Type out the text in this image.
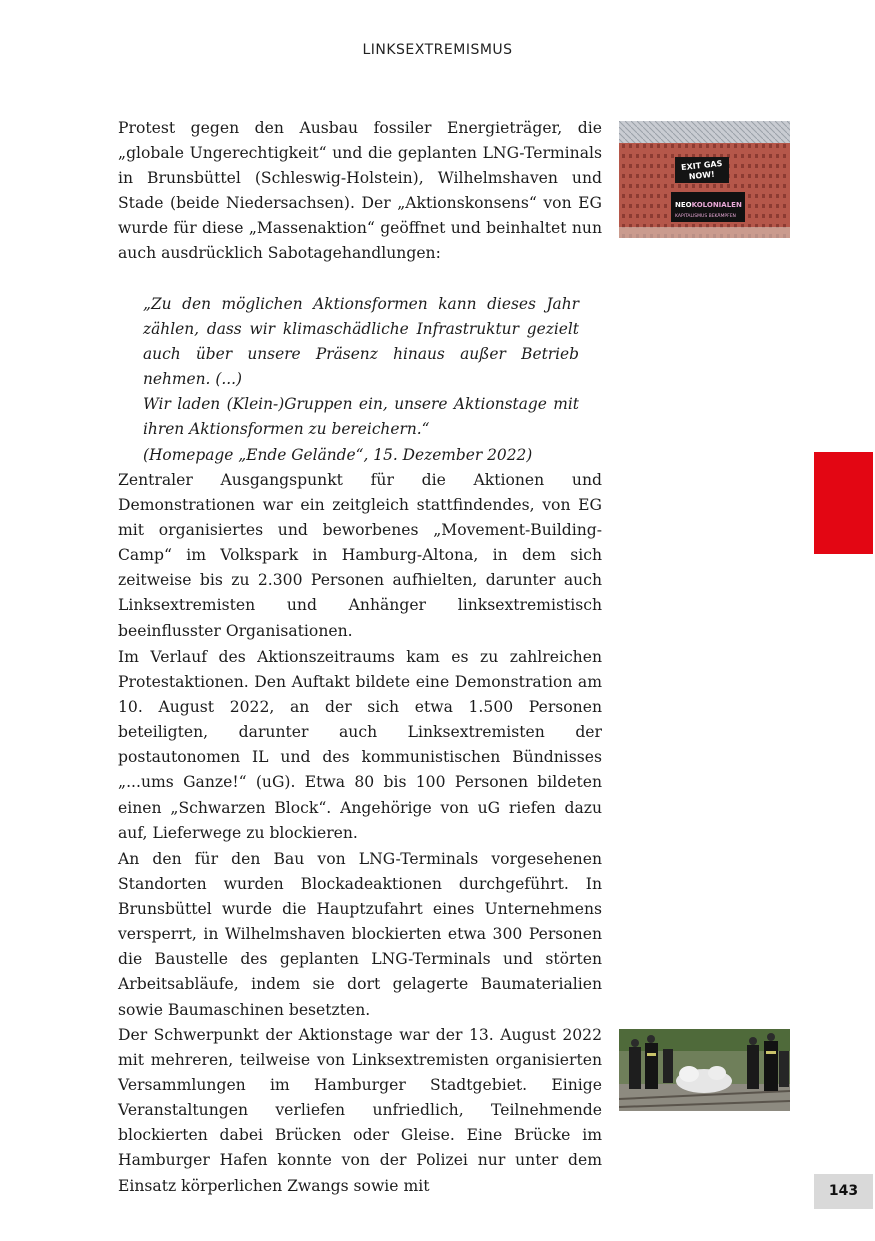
LINKSEXTREMISMUS

Protest gegen den Ausbau fossiler Energieträger, die „globale Ungerechtigkeit“ und die geplanten LNG-Terminals in Brunsbüttel (Schleswig-Holstein), Wilhelmshaven und Stade (beide Niedersachsen). Der „Aktionskonsens“ von EG wurde für diese „Massenaktion“ geöffnet und beinhaltet nun auch ausdrücklich Sabotagehandlungen:

„Zu den möglichen Aktionsformen kann dieses Jahr zählen, dass wir klimaschädliche Infrastruktur gezielt auch über unsere Präsenz hinaus außer Betrieb nehmen. (...)

Wir laden (Klein-)Gruppen ein, unsere Aktionstage mit ihren Aktionsformen zu bereichern.“

(Homepage „Ende Gelände“, 15. Dezember 2022)

Zentraler Ausgangspunkt für die Aktionen und Demonstrationen war ein zeitgleich stattfindendes, von EG mit organisiertes und beworbenes „Movement-Building-Camp“ im Volkspark in Hamburg-Altona, in dem sich zeitweise bis zu 2.300 Personen aufhielten, darunter auch Linksextremisten und Anhänger linksextremistisch beeinflusster Organisationen.

Im Verlauf des Aktionszeitraums kam es zu zahlreichen Protestaktionen. Den Auftakt bildete eine Demonstration am 10. August 2022, an der sich etwa 1.500 Personen beteiligten, darunter auch Linksextremisten der postautonomen IL und des kommunistischen Bündnisses „...ums Ganze!“ (uG). Etwa 80 bis 100 Personen bildeten einen „Schwarzen Block“. Angehörige von uG riefen dazu auf, Lieferwege zu blockieren.

An den für den Bau von LNG-Terminals vorgesehenen Standorten wurden Blockadeaktionen durchgeführt. In Brunsbüttel wurde die Hauptzufahrt eines Unternehmens versperrt, in Wilhelmshaven blockierten etwa 300 Personen die Baustelle des geplanten LNG-Terminals und störten Arbeitsabläufe, indem sie dort gelagerte Baumaterialien sowie Baumaschinen besetzten.

Der Schwerpunkt der Aktionstage war der 13. August 2022 mit mehreren, teilweise von Linksextremisten organisierten Versammlungen im Hamburger Stadtgebiet. Einige Veranstaltungen verliefen unfriedlich, Teilnehmende blockierten dabei Brücken oder Gleise. Eine Brücke im Hamburger Hafen konnte von der Polizei nur unter dem Einsatz körperlichen Zwangs sowie mit

EXIT GAS
NOW!
NEOKOLONIALEN
KAPITALISMUS BEKÄMPFEN
143
